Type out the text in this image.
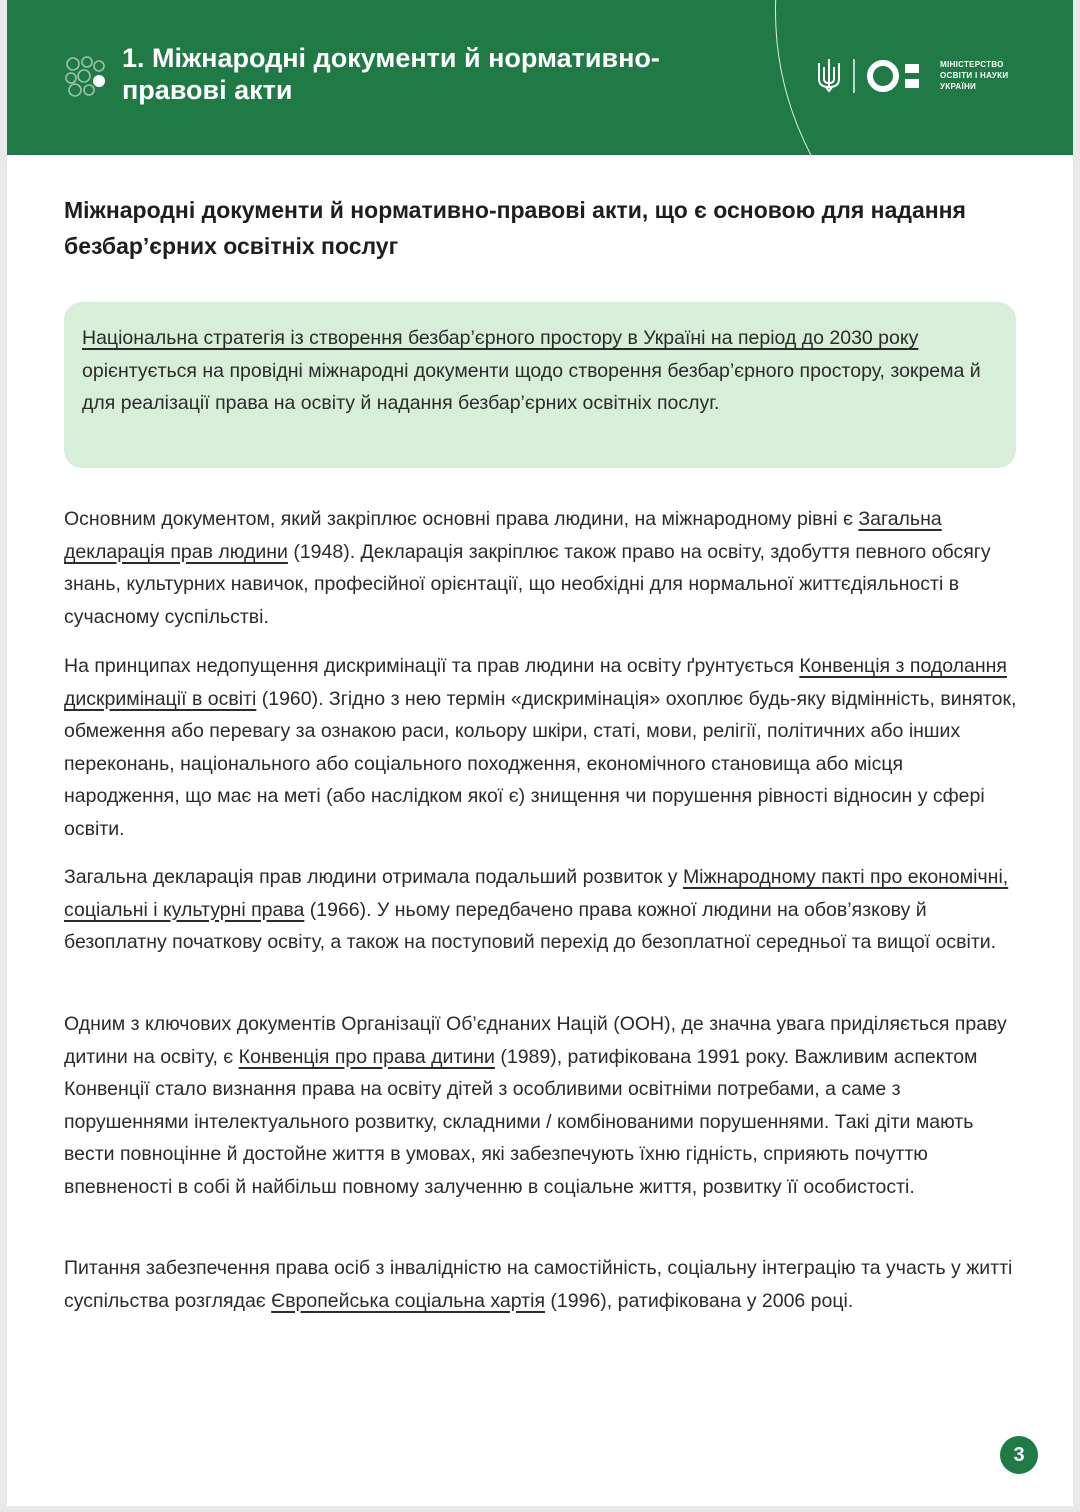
1. Міжнародні документи й нормативно-
правові акти
МІНІСТЕРСТВО
ОСВІТИ І НАУКИ
УКРАЇНИ
Міжнародні документи й нормативно-правові акти, що є основою для надання безбар’єрних освітніх послуг

Національна стратегія із створення безбар’єрного простору в Україні на період до 2030 року орієнтується на провідні міжнародні документи щодо створення безбар’єрного простору, зокрема й для реалізації права на освіту й надання безбар’єрних освітніх послуг.

Основним документом, який закріплює основні права людини, на міжнародному рівні є Загальна декларація прав людини (1948). Декларація закріплює також право на освіту, здобуття певного обсягу знань, культурних навичок, професійної орієнтації, що необхідні для нормальної життєдіяльності в сучасному суспільстві.

На принципах недопущення дискримінації та прав людини на освіту ґрунтується Конвенція з подолання дискримінації в освіті (1960). Згідно з нею термін «дискримінація» охоплює будь-яку відмінність, виняток, обмеження або перевагу за ознакою раси, кольору шкіри, статі, мови, релігії, політичних або інших переконань, національного або соціального походження, економічного становища або місця народження, що має на меті (або наслідком якої є) знищення чи порушення рівності відносин у сфері освіти.

Загальна декларація прав людини отримала подальший розвиток у Міжнародному пакті про економічні, соціальні і культурні права (1966). У ньому передбачено права кожної людини на обов’язкову й безоплатну початкову освіту, а також на поступовий перехід до безоплатної середньої та вищої освіти.

Одним з ключових документів Організації Об’єднаних Націй (ООН), де значна увага приділяється праву дитини на освіту, є Конвенція про права дитини (1989), ратифікована 1991 року. Важливим аспектом Конвенції стало визнання права на освіту дітей з особливими освітніми потребами, а саме з порушеннями інтелектуального розвитку, складними / комбінованими порушеннями. Такі діти мають вести повноцінне й достойне життя в умовах, які забезпечують їхню гідність, сприяють почуттю впевненості в собі й найбільш повному залученню в соціальне життя, розвитку її особистості.

Питання забезпечення права осіб з інвалідністю на самостійність, соціальну інтеграцію та участь у житті суспільства розглядає Європейська соціальна хартія (1996), ратифікована у 2006 році.

3
